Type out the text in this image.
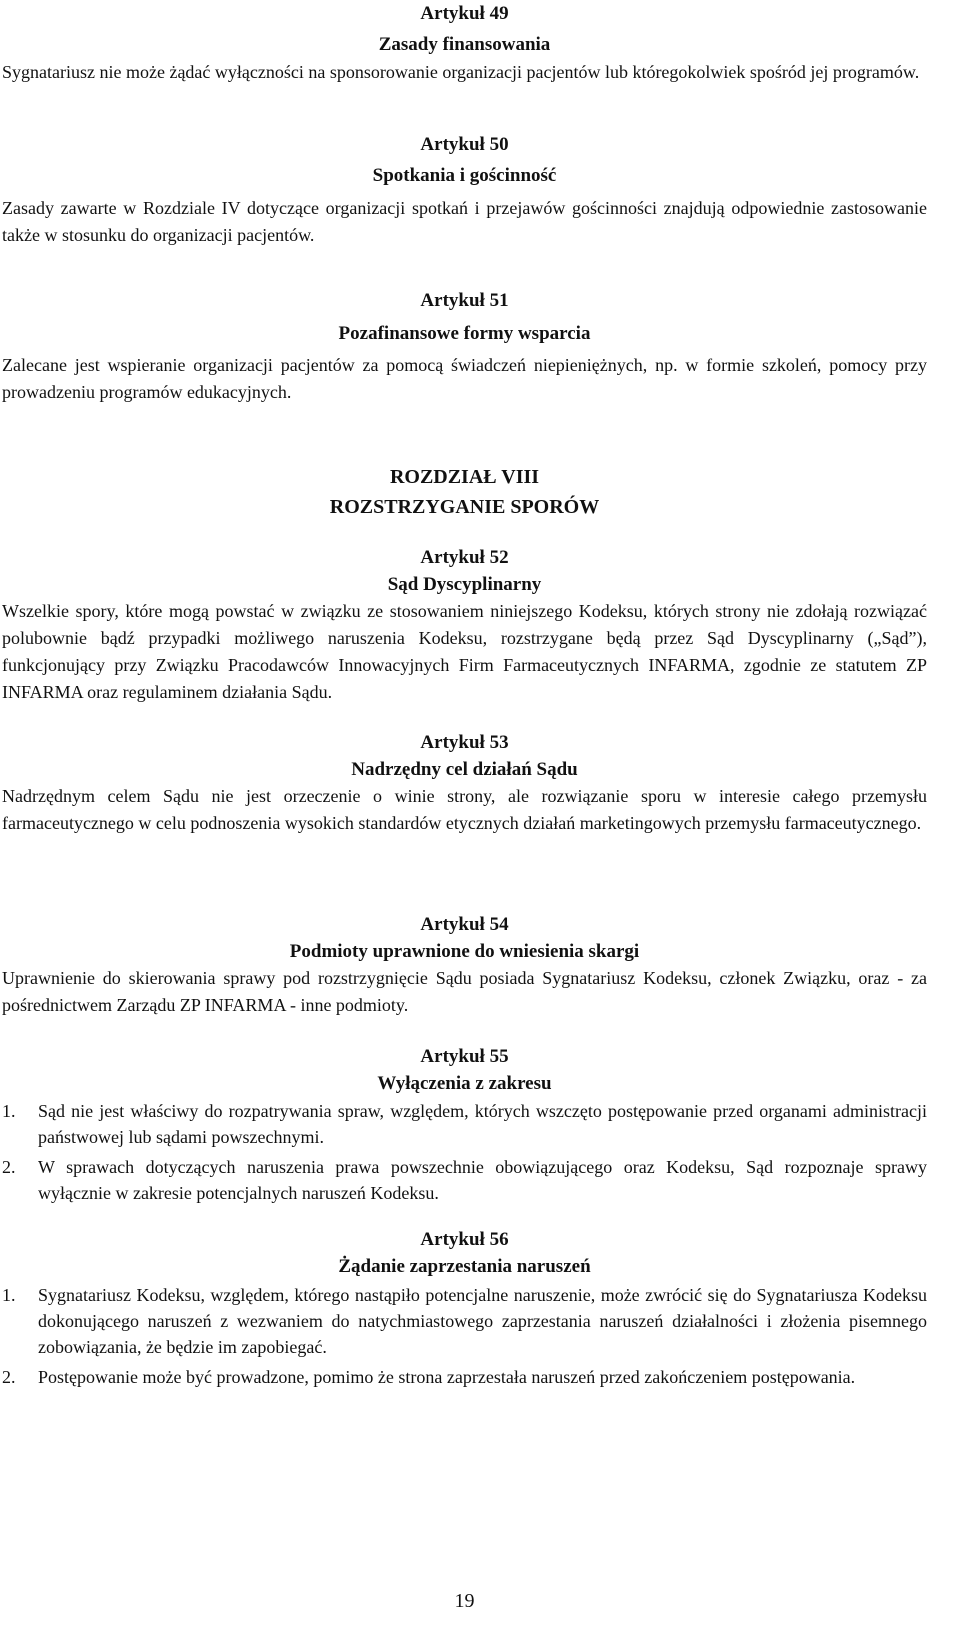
Artykuł 49

Zasady finansowania

Sygnatariusz nie może żądać wyłączności na sponsorowanie organizacji pacjentów lub któregokolwiek spośród jej programów.

Artykuł 50

Spotkania i gościnność

Zasady zawarte w Rozdziale IV dotyczące organizacji spotkań i przejawów gościnności znajdują odpowiednie zastosowanie także w stosunku do organizacji pacjentów.

Artykuł 51

Pozafinansowe formy wsparcia

Zalecane jest wspieranie organizacji pacjentów za pomocą świadczeń niepieniężnych, np. w formie szkoleń, pomocy przy prowadzeniu programów edukacyjnych.

ROZDZIAŁ VIII

ROZSTRZYGANIE SPORÓW

Artykuł 52

Sąd Dyscyplinarny

Wszelkie spory, które mogą powstać w związku ze stosowaniem niniejszego Kodeksu, których strony nie zdołają rozwiązać polubownie bądź przypadki możliwego naruszenia Kodeksu, rozstrzygane będą przez Sąd Dyscyplinarny („Sąd”), funkcjonujący przy Związku Pracodawców Innowacyjnych Firm Farmaceutycznych INFARMA, zgodnie ze statutem ZP INFARMA oraz regulaminem działania Sądu.

Artykuł 53

Nadrzędny cel działań Sądu

Nadrzędnym celem Sądu nie jest orzeczenie o winie strony, ale rozwiązanie sporu w interesie całego przemysłu farmaceutycznego w celu podnoszenia wysokich standardów etycznych działań marketingowych przemysłu farmaceutycznego.

Artykuł 54

Podmioty uprawnione do wniesienia skargi

Uprawnienie do skierowania sprawy pod rozstrzygnięcie Sądu posiada Sygnatariusz Kodeksu, członek Związku, oraz - za pośrednictwem Zarządu ZP INFARMA - inne podmioty.

Artykuł 55

Wyłączenia z zakresu

1. Sąd nie jest właściwy do rozpatrywania spraw, względem, których wszczęto postępowanie przed organami administracji państwowej lub sądami powszechnymi.
2. W sprawach dotyczących naruszenia prawa powszechnie obowiązującego oraz Kodeksu, Sąd rozpoznaje sprawy wyłącznie w zakresie potencjalnych naruszeń Kodeksu.

Artykuł 56

Żądanie zaprzestania naruszeń

1. Sygnatariusz Kodeksu, względem, którego nastąpiło potencjalne naruszenie, może zwrócić się do Sygnatariusza Kodeksu dokonującego naruszeń z wezwaniem do natychmiastowego zaprzestania naruszeń działalności i złożenia pisemnego zobowiązania, że będzie im zapobiegać.
2. Postępowanie może być prowadzone, pomimo że strona zaprzestała naruszeń przed zakończeniem postępowania.
19
